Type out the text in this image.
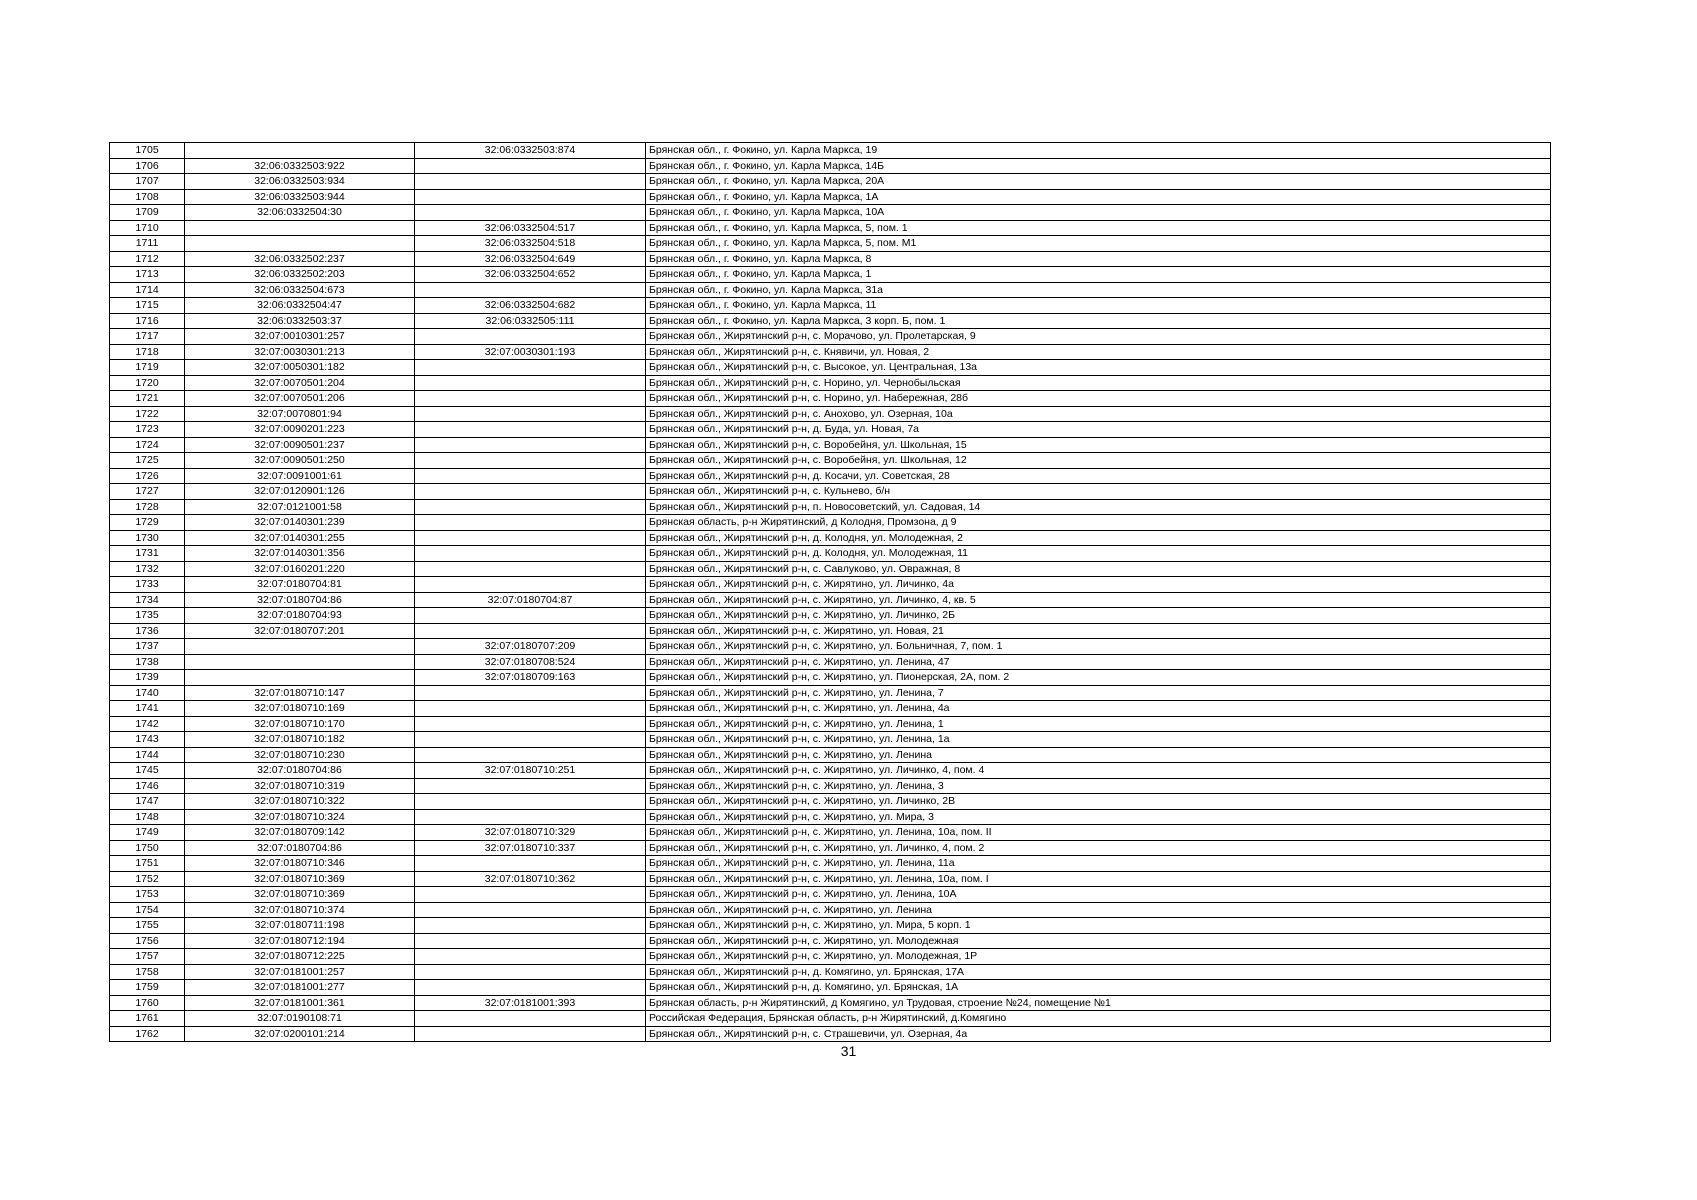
1705		32:06:0332503:874	Брянская обл., г. Фокино, ул. Карла Маркса, 19
1706	32:06:0332503:922		Брянская обл., г. Фокино, ул. Карла Маркса, 14Б
1707	32:06:0332503:934		Брянская обл., г. Фокино, ул. Карла Маркса, 20А
1708	32:06:0332503:944		Брянская обл., г. Фокино, ул. Карла Маркса, 1А
1709	32:06:0332504:30		Брянская обл., г. Фокино, ул. Карла Маркса, 10А
1710		32:06:0332504:517	Брянская обл., г. Фокино, ул. Карла Маркса, 5, пом. 1
1711		32:06:0332504:518	Брянская обл., г. Фокино, ул. Карла Маркса, 5, пом. М1
1712	32:06:0332502:237	32:06:0332504:649	Брянская обл., г. Фокино, ул. Карла Маркса, 8
1713	32:06:0332502:203	32:06:0332504:652	Брянская обл., г. Фокино, ул. Карла Маркса, 1
1714	32:06:0332504:673		Брянская обл., г. Фокино, ул. Карла Маркса, 31а
1715	32:06:0332504:47	32:06:0332504:682	Брянская обл., г. Фокино, ул. Карла Маркса, 11
1716	32:06:0332503:37	32:06:0332505:111	Брянская обл., г. Фокино, ул. Карла Маркса, 3 корп. Б, пом. 1
1717	32:07:0010301:257		Брянская обл., Жирятинский р-н, с. Морачово, ул. Пролетарская, 9
1718	32:07:0030301:213	32:07:0030301:193	Брянская обл., Жирятинский р-н, с. Княвичи, ул. Новая, 2
1719	32:07:0050301:182		Брянская обл., Жирятинский р-н, с. Высокое, ул. Центральная, 13а
1720	32:07:0070501:204		Брянская обл., Жирятинский р-н, с. Норино, ул. Чернобыльская
1721	32:07:0070501:206		Брянская обл., Жирятинский р-н, с. Норино, ул. Набережная, 28б
1722	32:07:0070801:94		Брянская обл., Жирятинский р-н, с. Анохово, ул. Озерная, 10а
1723	32:07:0090201:223		Брянская обл., Жирятинский р-н, д. Буда, ул. Новая, 7а
1724	32:07:0090501:237		Брянская обл., Жирятинский р-н, с. Воробейня, ул. Школьная, 15
1725	32:07:0090501:250		Брянская обл., Жирятинский р-н, с. Воробейня, ул. Школьная, 12
1726	32:07:0091001:61		Брянская обл., Жирятинский р-н, д. Косачи, ул. Советская, 28
1727	32:07:0120901:126		Брянская обл., Жирятинский р-н, с. Кульнево, б/н
1728	32:07:0121001:58		Брянская обл., Жирятинский р-н, п. Новосоветский, ул. Садовая, 14
1729	32:07:0140301:239		Брянская область, р-н Жирятинский, д Колодня, Промзона, д 9
1730	32:07:0140301:255		Брянская обл., Жирятинский р-н, д. Колодня, ул. Молодежная, 2
1731	32:07:0140301:356		Брянская обл., Жирятинский р-н, д. Колодня, ул. Молодежная, 11
1732	32:07:0160201:220		Брянская обл., Жирятинский р-н, с. Савлуково, ул. Овражная, 8
1733	32:07:0180704:81		Брянская обл., Жирятинский р-н, с. Жирятино, ул. Личинко, 4а
1734	32:07:0180704:86	32:07:0180704:87	Брянская обл., Жирятинский р-н, с. Жирятино, ул. Личинко, 4, кв. 5
1735	32:07:0180704:93		Брянская обл., Жирятинский р-н, с. Жирятино, ул. Личинко, 2Б
1736	32:07:0180707:201		Брянская обл., Жирятинский р-н, с. Жирятино, ул. Новая, 21
1737		32:07:0180707:209	Брянская обл., Жирятинский р-н, с. Жирятино, ул. Больничная, 7, пом. 1
1738		32:07:0180708:524	Брянская обл., Жирятинский р-н, с. Жирятино, ул. Ленина, 47
1739		32:07:0180709:163	Брянская обл., Жирятинский р-н, с. Жирятино, ул. Пионерская, 2А, пом. 2
1740	32:07:0180710:147		Брянская обл., Жирятинский р-н, с. Жирятино, ул. Ленина, 7
1741	32:07:0180710:169		Брянская обл., Жирятинский р-н, с. Жирятино, ул. Ленина, 4а
1742	32:07:0180710:170		Брянская обл., Жирятинский р-н, с. Жирятино, ул. Ленина, 1
1743	32:07:0180710:182		Брянская обл., Жирятинский р-н, с. Жирятино, ул. Ленина, 1а
1744	32:07:0180710:230		Брянская обл., Жирятинский р-н, с. Жирятино, ул. Ленина
1745	32:07:0180704:86	32:07:0180710:251	Брянская обл., Жирятинский р-н, с. Жирятино, ул. Личинко, 4, пом. 4
1746	32:07:0180710:319		Брянская обл., Жирятинский р-н, с. Жирятино, ул. Ленина, 3
1747	32:07:0180710:322		Брянская обл., Жирятинский р-н, с. Жирятино, ул. Личинко, 2В
1748	32:07:0180710:324		Брянская обл., Жирятинский р-н, с. Жирятино, ул. Мира, 3
1749	32:07:0180709:142	32:07:0180710:329	Брянская обл., Жирятинский р-н, с. Жирятино, ул. Ленина, 10а, пом. II
1750	32:07:0180704:86	32:07:0180710:337	Брянская обл., Жирятинский р-н, с. Жирятино, ул. Личинко, 4, пом. 2
1751	32:07:0180710:346		Брянская обл., Жирятинский р-н, с. Жирятино, ул. Ленина, 11а
1752	32:07:0180710:369	32:07:0180710:362	Брянская обл., Жирятинский р-н, с. Жирятино, ул. Ленина, 10а, пом. I
1753	32:07:0180710:369		Брянская обл., Жирятинский р-н, с. Жирятино, ул. Ленина, 10А
1754	32:07:0180710:374		Брянская обл., Жирятинский р-н, с. Жирятино, ул. Ленина
1755	32:07:0180711:198		Брянская обл., Жирятинский р-н, с. Жирятино, ул. Мира, 5 корп. 1
1756	32:07:0180712:194		Брянская обл., Жирятинский р-н, с. Жирятино, ул. Молодежная
1757	32:07:0180712:225		Брянская обл., Жирятинский р-н, с. Жирятино, ул. Молодежная, 1Р
1758	32:07:0181001:257		Брянская обл., Жирятинский р-н, д. Комягино, ул. Брянская, 17А
1759	32:07:0181001:277		Брянская обл., Жирятинский р-н, д. Комягино, ул. Брянская, 1А
1760	32:07:0181001:361	32:07:0181001:393	Брянская область, р-н Жирятинский, д Комягино, ул Трудовая, строение №24, помещение №1
1761	32:07:0190108:71		Российская Федерация, Брянская область, р-н Жирятинский, д.Комягино
1762	32:07:0200101:214		Брянская обл., Жирятинский р-н, с. Страшевичи, ул. Озерная, 4а
31
